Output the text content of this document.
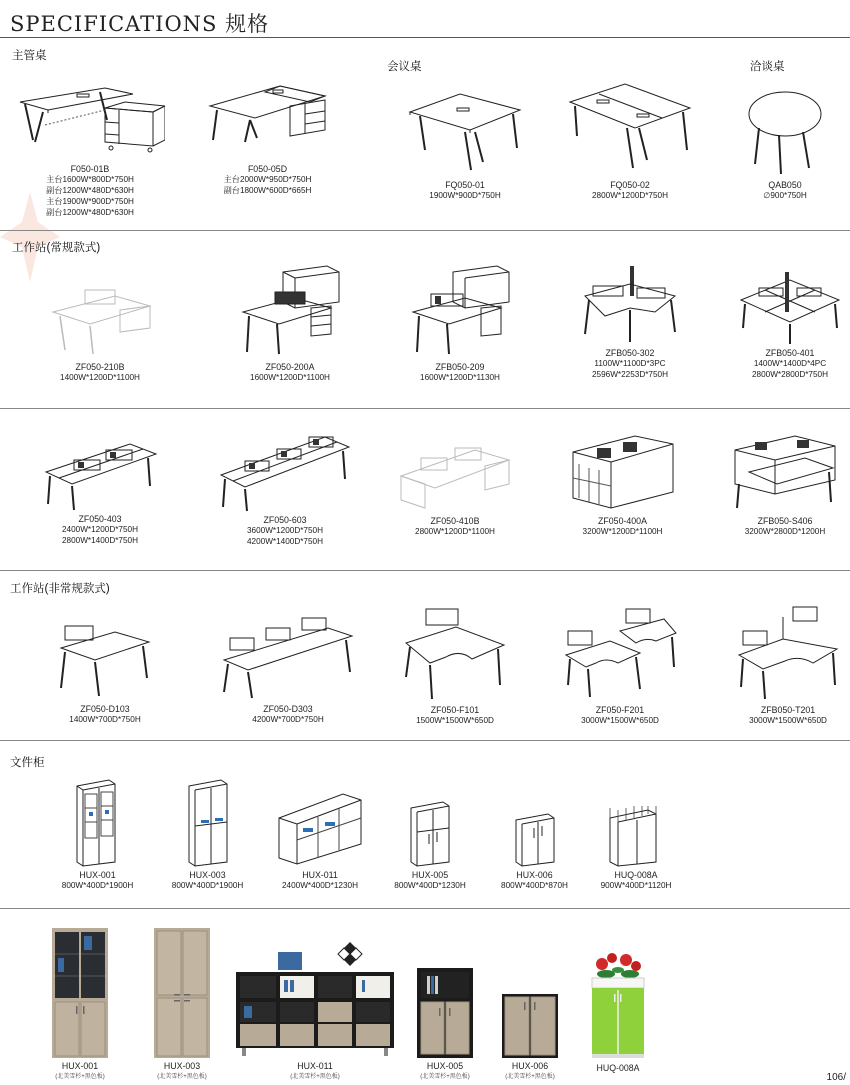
SPECIFICATIONS 规格
主管桌
会议桌	洽谈桌
F050-01B
主台1600W*800D*750H
副台1200W*480D*630H
主台1900W*900D*750H
副台1200W*480D*630H
F050-05D
主台2000W*950D*750H
副台1800W*600D*665H
FQ050-01
1900W*900D*750H
FQ050-02
2800W*1200D*750H
QAB050
∅900*750H
工作站(常规款式)
ZF050-210B
1400W*1200D*1100H
ZF050-200A
1600W*1200D*1100H
ZFB050-209
1600W*1200D*1130H
ZFB050-302
1100W*1100D*3PC
2596W*2253D*750H
ZFB050-401
1400W*1400D*4PC
2800W*2800D*750H
ZF050-403
2400W*1200D*750H
2800W*1400D*750H
ZF050-603
3600W*1200D*750H
4200W*1400D*750H
ZF050-410B
2800W*1200D*1100H
ZF050-400A
3200W*1200D*1100H
ZFB050-S406
3200W*2800D*1200H
工作站(非常规款式)
ZF050-D103
1400W*700D*750H
ZF050-D303
4200W*700D*750H
ZF050-F101
1500W*1500W*650D
ZF050-F201
3000W*1500W*650D
ZFB050-T201
3000W*1500W*650D
文件柜
HUX-001
800W*400D*1900H
HUX-003
800W*400D*1900H
HUX-011
2400W*400D*1230H
HUX-005
800W*400D*1230H
HUX-006
800W*400D*870H
HUQ-008A
900W*400D*1120H
HUX-001
(北美雪杉+黑色板)
HUX-003
(北美雪杉+黑色板)
HUX-011
(北美雪杉+黑色板)
HUX-005
(北美雪杉+黑色板)
HUX-006
(北美雪杉+黑色板)
HUQ-008A
106/
